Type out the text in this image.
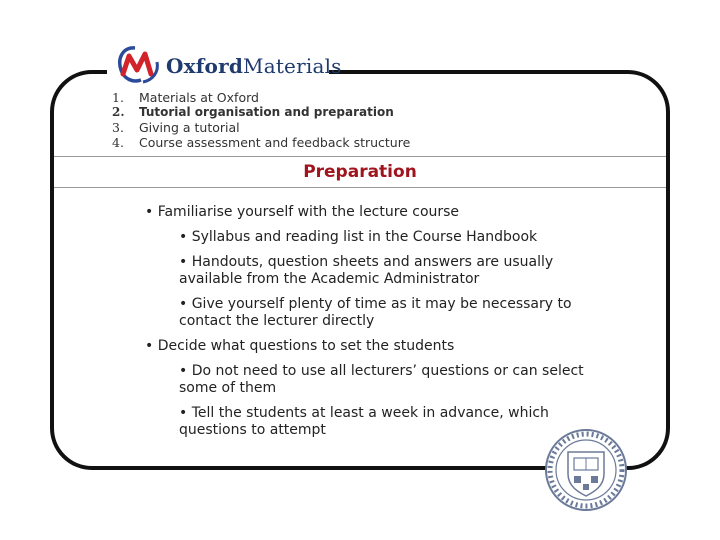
OxfordMaterials
1.	Materials at Oxford
2.	Tutorial organisation and preparation
3.	Giving a tutorial
4.	Course assessment and feedback structure
Preparation
• Familiarise yourself with the lecture course
• Syllabus and reading list in the Course Handbook
• Handouts, question sheets and answers are usually
available from the Academic Administrator
• Give yourself plenty of time as it may be necessary to
contact the lecturer directly
• Decide what questions to set the students
• Do not need to use all lecturers’ questions or can select
some of them
• Tell the students at least a week in advance, which
questions to attempt
